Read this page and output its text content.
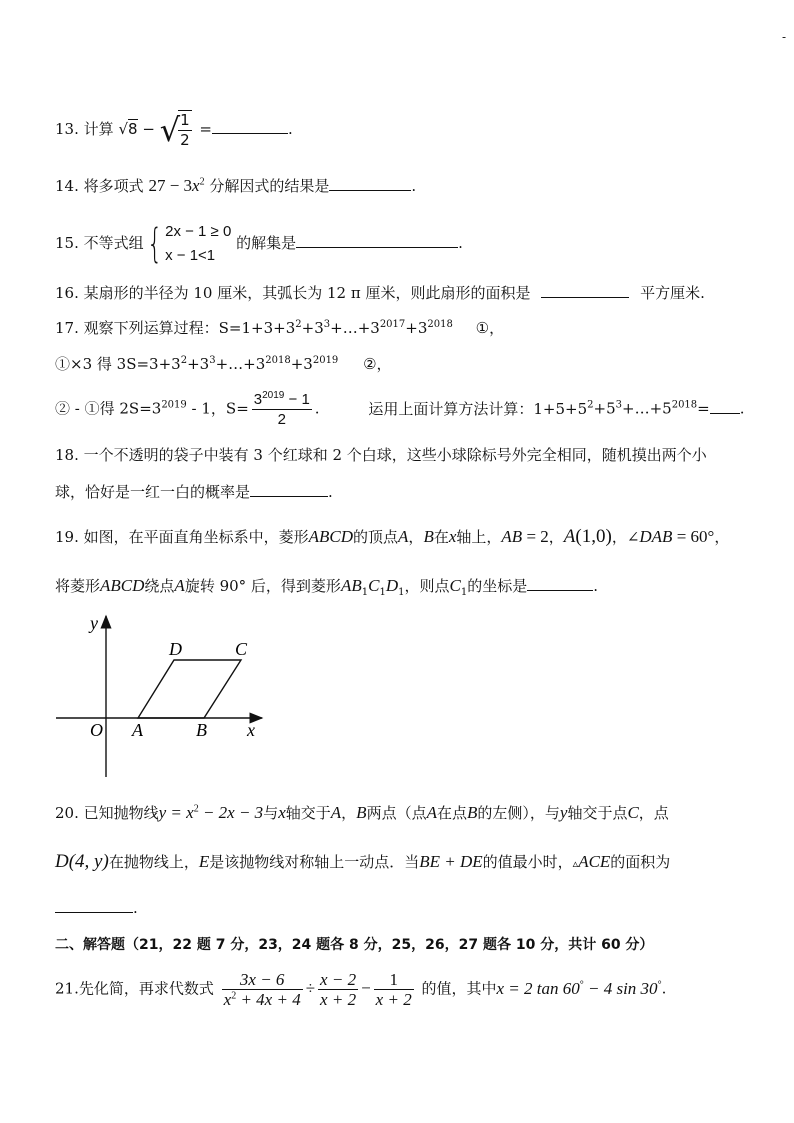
-
13. 计算 √8 − √
$\frac{1}{2}$ =	.
14. 将多项式 $27 - 3x^2$ 分解因式的结果是	.
15. 不等式组{ 2x − 1 ≥ 0
x − 1<1
的解集是	.
16. 某扇形的半径为 10 厘米，其弧长为 12 π 厘米，则此扇形的面积是	平方厘米.
17. 观察下列运算过程：$S=1+3+3^2+3^3+\dots+3^{2017}+3^{2018}$ ①，
①×3 得 $3S=3+3^2+3^3+\dots+3^{2018}+3^{2019}$ ②，
② - ①得 $2S=3^{2019} - 1$，$S= \frac{3^{2019} - 1}{2}$ .	运用上面计算方法计算：$1+5+5^2+5^3+\dots+5^{2018}=$ .
18. 一个不透明的袋子中装有 3 个红球和 2 个白球，这些小球除标号外完全相同，随机摸出两个小
球，恰好是一红一白的概率是	.
19. 如图，在平面直角坐标系中，菱形ABCD的顶点A，B在x轴上，AB = 2，A(1,0)，∠DAB = 60°，
将菱形ABCD绕点A旋转 90° 后，得到菱形$AB_1C_1D_1$，则点$C_1$的坐标是	.
y
x
O A	B
D	C
20. 已知抛物线$y = x^2 - 2x - 3$与x轴交于A，B两点（点A在点B的左侧），与y轴交于点C，点
D(4, y)在抛物线上，E是该抛物线对称轴上一动点．当BE + DE的值最小时，▵ACE的面积为
.
二、解答题（21，22 题 7 分，23，24 题各 8 分，25，26，27 题各 10 分，共计 60 分）
21.先化简，再求代数式 $\frac{3x - 6}{x^2 + 4x + 4} \div \frac{x - 2}{x + 2} - \frac{1}{x + 2}$ 的值，其中x = 2 tan 60° − 4 sin 30°.
